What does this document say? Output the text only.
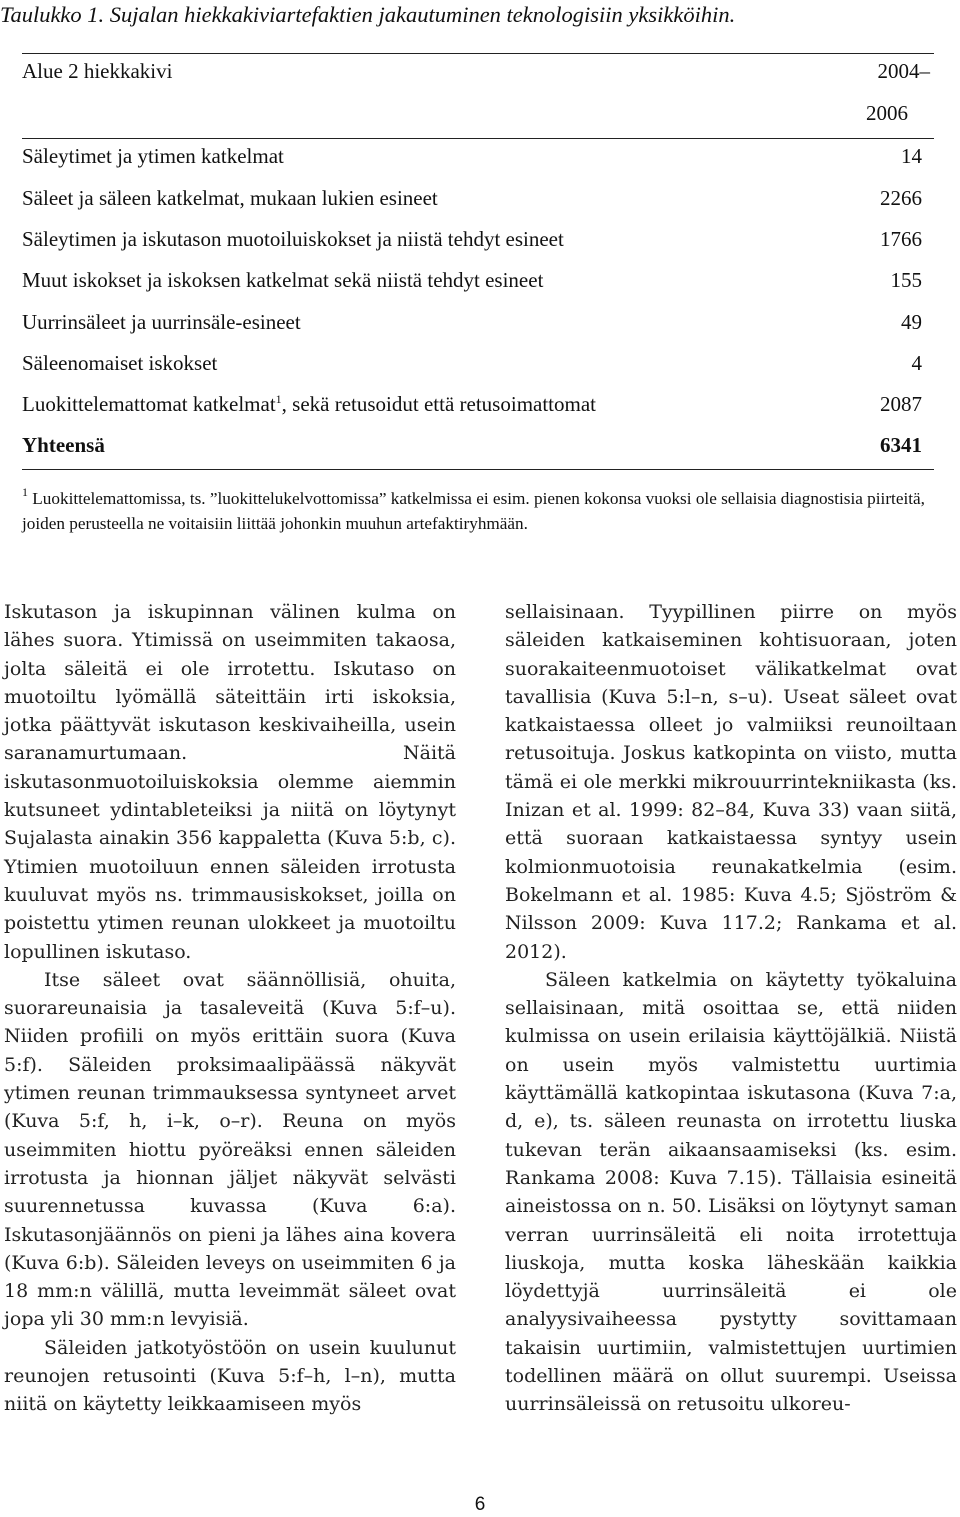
Taulukko 1. Sujalan hiekkakiviartefaktien jakautuminen teknologisiin yksikköihin.
Alue 2 hiekkakivi	2004–
2006
Säleytimet ja ytimen katkelmat	14
Säleet ja säleen katkelmat, mukaan lukien esineet	2266
Säleytimen ja iskutason muotoiluiskokset ja niistä tehdyt esineet	1766
Muut iskokset ja iskoksen katkelmat sekä niistä tehdyt esineet	155
Uurrinsäleet ja uurrinsäle-esineet	49
Säleenomaiset iskokset	4
Luokittelemattomat katkelmat$^1$, sekä retusoidut että retusoimattomat	2087
Yhteensä	6341
$^1$ Luokittelemattomissa, ts. ”luokittelukelvottomissa” katkelmissa ei esim. pienen kokonsa vuoksi ole sellaisia diagnostisia piirteitä, joiden perusteella ne voitaisiin liittää johonkin muuhun artefaktiryhmään.

Iskutason ja iskupinnan välinen kulma on lähes suora. Ytimissä on useimmiten takaosa, jolta säleitä ei ole irrotettu. Iskutaso on muotoiltu lyömällä säteittäin irti iskoksia, jotka päättyvät iskutason keskivaiheilla, usein saranamurtumaan. Näitä iskutasonmuotoiluiskoksia olemme aiemmin kutsuneet ydintableteiksi ja niitä on löytynyt Sujalasta ainakin 356 kappaletta (Kuva 5:b, c). Ytimien muotoiluun ennen säleiden irrotusta kuuluvat myös ns. trimmausiskokset, joilla on poistettu ytimen reunan ulokkeet ja muotoiltu lopullinen iskutaso.

Itse säleet ovat säännöllisiä, ohuita, suorareunaisia ja tasaleveitä (Kuva 5:f–u). Niiden profiili on myös erittäin suora (Kuva 5:f). Säleiden proksimaalipäässä näkyvät ytimen reunan trimmauksessa syntyneet arvet (Kuva 5:f, h, i–k, o–r). Reuna on myös useimmiten hiottu pyöreäksi ennen säleiden irrotusta ja hionnan jäljet näkyvät selvästi suurennetussa kuvassa (Kuva 6:a). Iskutasonjäännös on pieni ja lähes aina kovera (Kuva 6:b). Säleiden leveys on useimmiten 6 ja 18 mm:n välillä, mutta leveimmät säleet ovat jopa yli 30 mm:n levyisiä.

Säleiden jatkotyöstöön on usein kuulunut reunojen retusointi (Kuva 5:f–h, l–n), mutta niitä on käytetty leikkaamiseen myös

sellaisinaan. Tyypillinen piirre on myös säleiden katkaiseminen kohtisuoraan, joten suorakaiteenmuotoiset välikatkelmat ovat tavallisia (Kuva 5:l–n, s–u). Useat säleet ovat katkaistaessa olleet jo valmiiksi reunoiltaan retusoituja. Joskus katkopinta on viisto, mutta tämä ei ole merkki mikrouurrintekniikasta (ks. Inizan et al. 1999: 82–84, Kuva 33) vaan siitä, että suoraan katkaistaessa syntyy usein kolmionmuotoisia reunakatkelmia (esim. Bokelmann et al. 1985: Kuva 4.5; Sjöström & Nilsson 2009: Kuva 117.2; Rankama et al. 2012).

Säleen katkelmia on käytetty työkaluina sellaisinaan, mitä osoittaa se, että niiden kulmissa on usein erilaisia käyttöjälkiä. Niistä on usein myös valmistettu uurtimia käyttämällä katkopintaa iskutasona (Kuva 7:a, d, e), ts. säleen reunasta on irrotettu liuska tukevan terän aikaansaamiseksi (ks. esim. Rankama 2008: Kuva 7.15). Tällaisia esineitä aineistossa on n. 50. Lisäksi on löytynyt saman verran uurrinsäleitä eli noita irrotettuja liuskoja, mutta koska läheskään kaikkia löydettyjä uurrinsäleitä ei ole analyysivaiheessa pystytty sovittamaan takaisin uurtimiin, valmistettujen uurtimien todellinen määrä on ollut suurempi. Useissa uurrinsäleissä on retusoitu ulkoreu-

6
